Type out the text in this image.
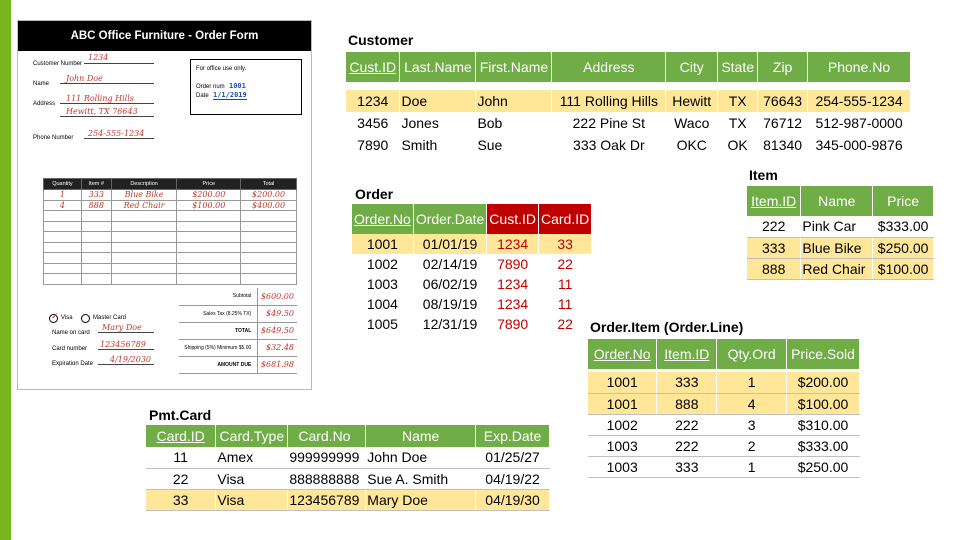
ABC Office Furniture - Order Form
Customer Number
1234
Name
John Doe
Address
111 Rolling Hills
Hewitt, TX 76643
Phone Number 254-555-1234
For office use only.
Order num 1001
Date 1/1/2019
Quantity	Item #	Description	Price	Total
1	333	Blue Bike	$200.00	$200.00
4	888	Red Chair	$100.00	$400.00

Subtotal	$600.00
Sales Tax (8.25% TX)	$49.50
TOTAL	$649.50
Shipping (5%) Minimum $5.00	$32.48
AMOUNT DUE	$681.98
✓ Visa	Master Card
Name on card
Mary Doe
Card number 123456789
Expiration Date 4/19/2030
Customer
Cust.ID	Last.Name	First.Name	Address	City	State	Zip	Phone.No

1234	Doe	John	111 Rolling Hills	Hewitt	TX	76643	254-555-1234
3456	Jones	Bob	222 Pine St	Waco	TX	76712	512-987-0000
7890	Smith	Sue	333 Oak Dr	OKC	OK	81340	345-000-9876
Item
Item.ID	Name	Price
222	Pink Car	$333.00
333	Blue Bike	$250.00
888	Red Chair	$100.00
Order
Order.No	Order.Date	Cust.ID	Card.ID
1001	01/01/19	1234	33
1002	02/14/19	7890	22
1003	06/02/19	1234	11
1004	08/19/19	1234	11
1005	12/31/19	7890	22 Order.Item (Order.Line)
Order.No	Item.ID	Qty.Ord	Price.Sold

1001	333	1	$200.00
1001	888	4	$100.00
1002	222	3	$310.00
1003	222	2	$333.00
1003	333	1	$250.00
Pmt.Card
Card.ID	Card.Type	Card.No	Name	Exp.Date
11	Amex	999999999	John Doe	01/25/27
22	Visa	888888888	Sue A. Smith	04/19/22
33	Visa	123456789	Mary Doe	04/19/30
